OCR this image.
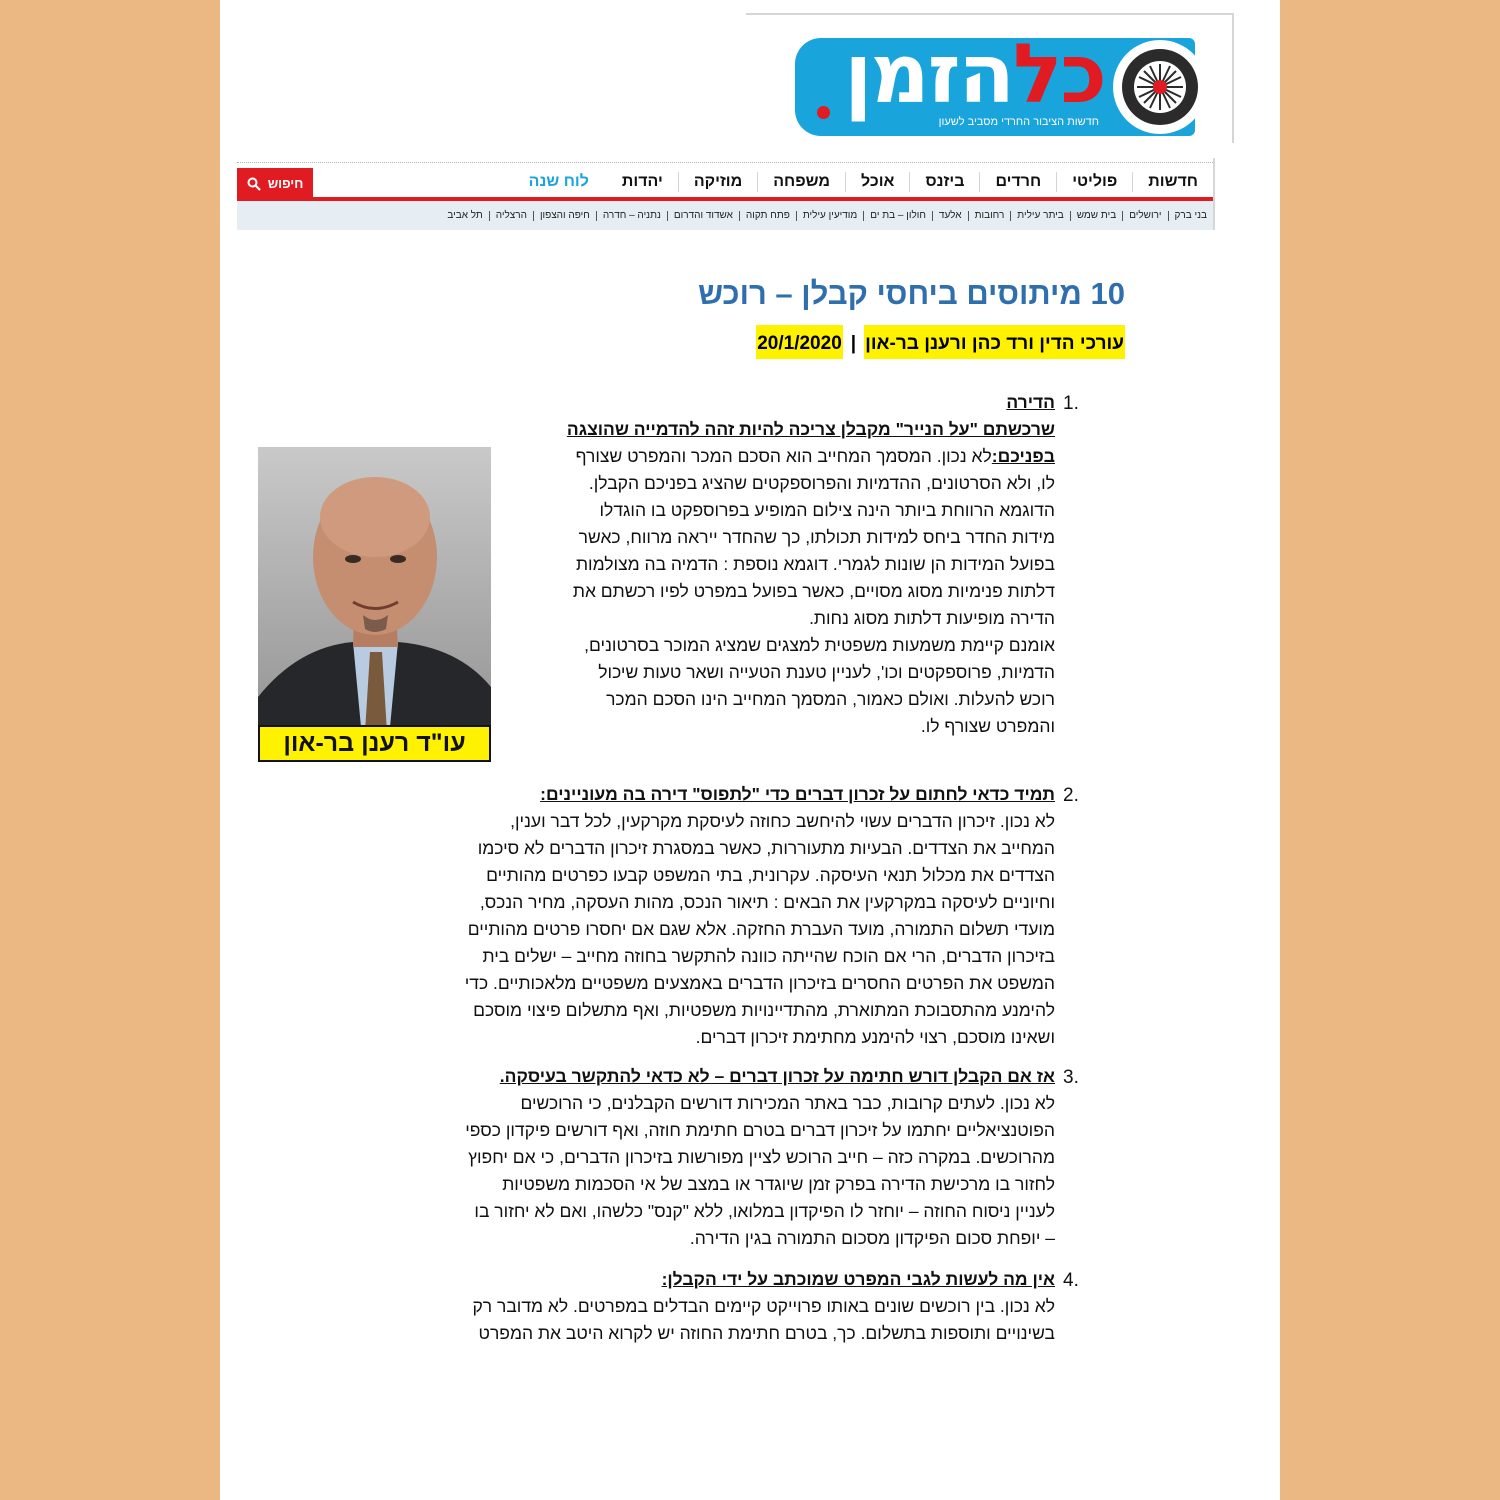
כלהזמן
חדשות הציבור החרדי מסביב לשעון
חדשות
פוליטי
חרדים
ביזנס
אוכל
משפחה
מוזיקה
יהדות
לוח שנה
חיפוש
בני ברק
ירושלים
בית שמש
ביתר עילית
רחובות
אלעד
חולון – בת ים
מודיעין עילית
פתח תקוה
אשדוד והדרום
נתניה – חדרה
חיפה והצפון
הרצליה
תל אביב
10 מיתוסים ביחסי קבלן – רוכש
עורכי הדין ורד כהן ורענן בר-און|20/1/2020
1.
הדירה
שרכשתם "על הנייר" מקבלן צריכה להיות זהה להדמייה שהוצגה
בפניכם:לא נכון. המסמך המחייב הוא הסכם המכר והמפרט שצורף
לו, ולא הסרטונים, ההדמיות והפרוספקטים שהציג בפניכם הקבלן.
הדוגמא הרווחת ביותר הינה צילום המופיע בפרוספקט בו הוגדלו
מידות החדר ביחס למידות תכולתו, כך שהחדר ייראה מרווח, כאשר
בפועל המידות הן שונות לגמרי. דוגמא נוספת : הדמיה בה מצולמות
דלתות פנימיות מסוג מסויים, כאשר בפועל במפרט לפיו רכשתם את
הדירה מופיעות דלתות מסוג נחות.
אומנם קיימת משמעות משפטית למצגים שמציג המוכר בסרטונים,
הדמיות, פרוספקטים וכו', לעניין טענת הטעייה ושאר טעות שיכול
רוכש להעלות. ואולם כאמור, המסמך המחייב הינו הסכם המכר
והמפרט שצורף לו.
עו"ד רענן בר-און
2.
תמיד כדאי לחתום על זכרון דברים כדי "לתפוס" דירה בה מעוניינים:
לא נכון. זיכרון הדברים עשוי להיחשב כחוזה לעיסקת מקרקעין, לכל דבר וענין,
המחייב את הצדדים. הבעיות מתעוררות, כאשר במסגרת זיכרון הדברים לא סיכמו
הצדדים את מכלול תנאי העיסקה. עקרונית, בתי המשפט קבעו כפרטים מהותיים
וחיוניים לעיסקה במקרקעין את הבאים : תיאור הנכס, מהות העסקה, מחיר הנכס,
מועדי תשלום התמורה, מועד העברת החזקה. אלא שגם אם יחסרו פרטים מהותיים
בזיכרון הדברים, הרי אם הוכח שהייתה כוונה להתקשר בחוזה מחייב – ישלים בית
המשפט את הפרטים החסרים בזיכרון הדברים באמצעים משפטיים מלאכותיים. כדי
להימנע מהתסבוכת המתוארת, מהתדיינויות משפטיות, ואף מתשלום פיצוי מוסכם
ושאינו מוסכם, רצוי להימנע מחתימת זיכרון דברים.
3.
אז אם הקבלן דורש חתימה על זכרון דברים – לא כדאי להתקשר בעיסקה.
לא נכון. לעתים קרובות, כבר באתר המכירות דורשים הקבלנים, כי הרוכשים
הפוטנציאליים יחתמו על זיכרון דברים בטרם חתימת חוזה, ואף דורשים פיקדון כספי
מהרוכשים. במקרה כזה – חייב הרוכש לציין מפורשות בזיכרון הדברים, כי אם יחפוץ
לחזור בו מרכישת הדירה בפרק זמן שיוגדר או במצב של אי הסכמות משפטיות
לעניין ניסוח החוזה – יוחזר לו הפיקדון במלואו, ללא "קנס" כלשהו, ואם לא יחזור בו
– יופחת סכום הפיקדון מסכום התמורה בגין הדירה.
4.
אין מה לעשות לגבי המפרט שמוכתב על ידי הקבלן:
לא נכון. בין רוכשים שונים באותו פרוייקט קיימים הבדלים במפרטים. לא מדובר רק
בשינויים ותוספות בתשלום. כך, בטרם חתימת החוזה יש לקרוא היטב את המפרט
